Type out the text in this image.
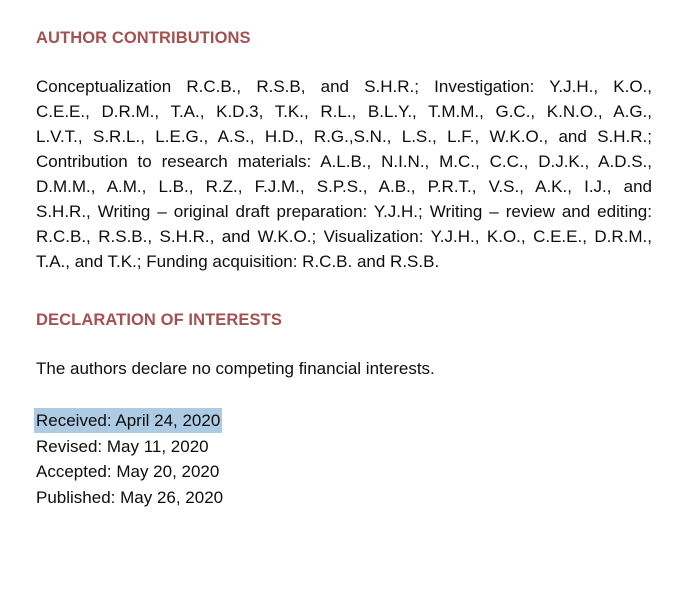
AUTHOR CONTRIBUTIONS
Conceptualization R.C.B., R.S.B, and S.H.R.; Investigation: Y.J.H., K.O.,
C.E.E., D.R.M., T.A., K.D.3, T.K., R.L., B.L.Y., T.M.M., G.C., K.N.O., A.G.,
L.V.T., S.R.L., L.E.G., A.S., H.D., R.G.,S.N., L.S., L.F., W.K.O., and S.H.R.;
Contribution to research materials: A.L.B., N.I.N., M.C., C.C., D.J.K., A.D.S.,
D.M.M., A.M., L.B., R.Z., F.J.M., S.P.S., A.B., P.R.T., V.S., A.K., I.J., and
S.H.R., Writing – original draft preparation: Y.J.H.; Writing – review and editing:
R.C.B., R.S.B., S.H.R., and W.K.O.; Visualization: Y.J.H., K.O., C.E.E., D.R.M.,
T.A., and T.K.; Funding acquisition: R.C.B. and R.S.B.
DECLARATION OF INTERESTS

The authors declare no competing financial interests.

Received: April 24, 2020
Revised: May 11, 2020
Accepted: May 20, 2020
Published: May 26, 2020
